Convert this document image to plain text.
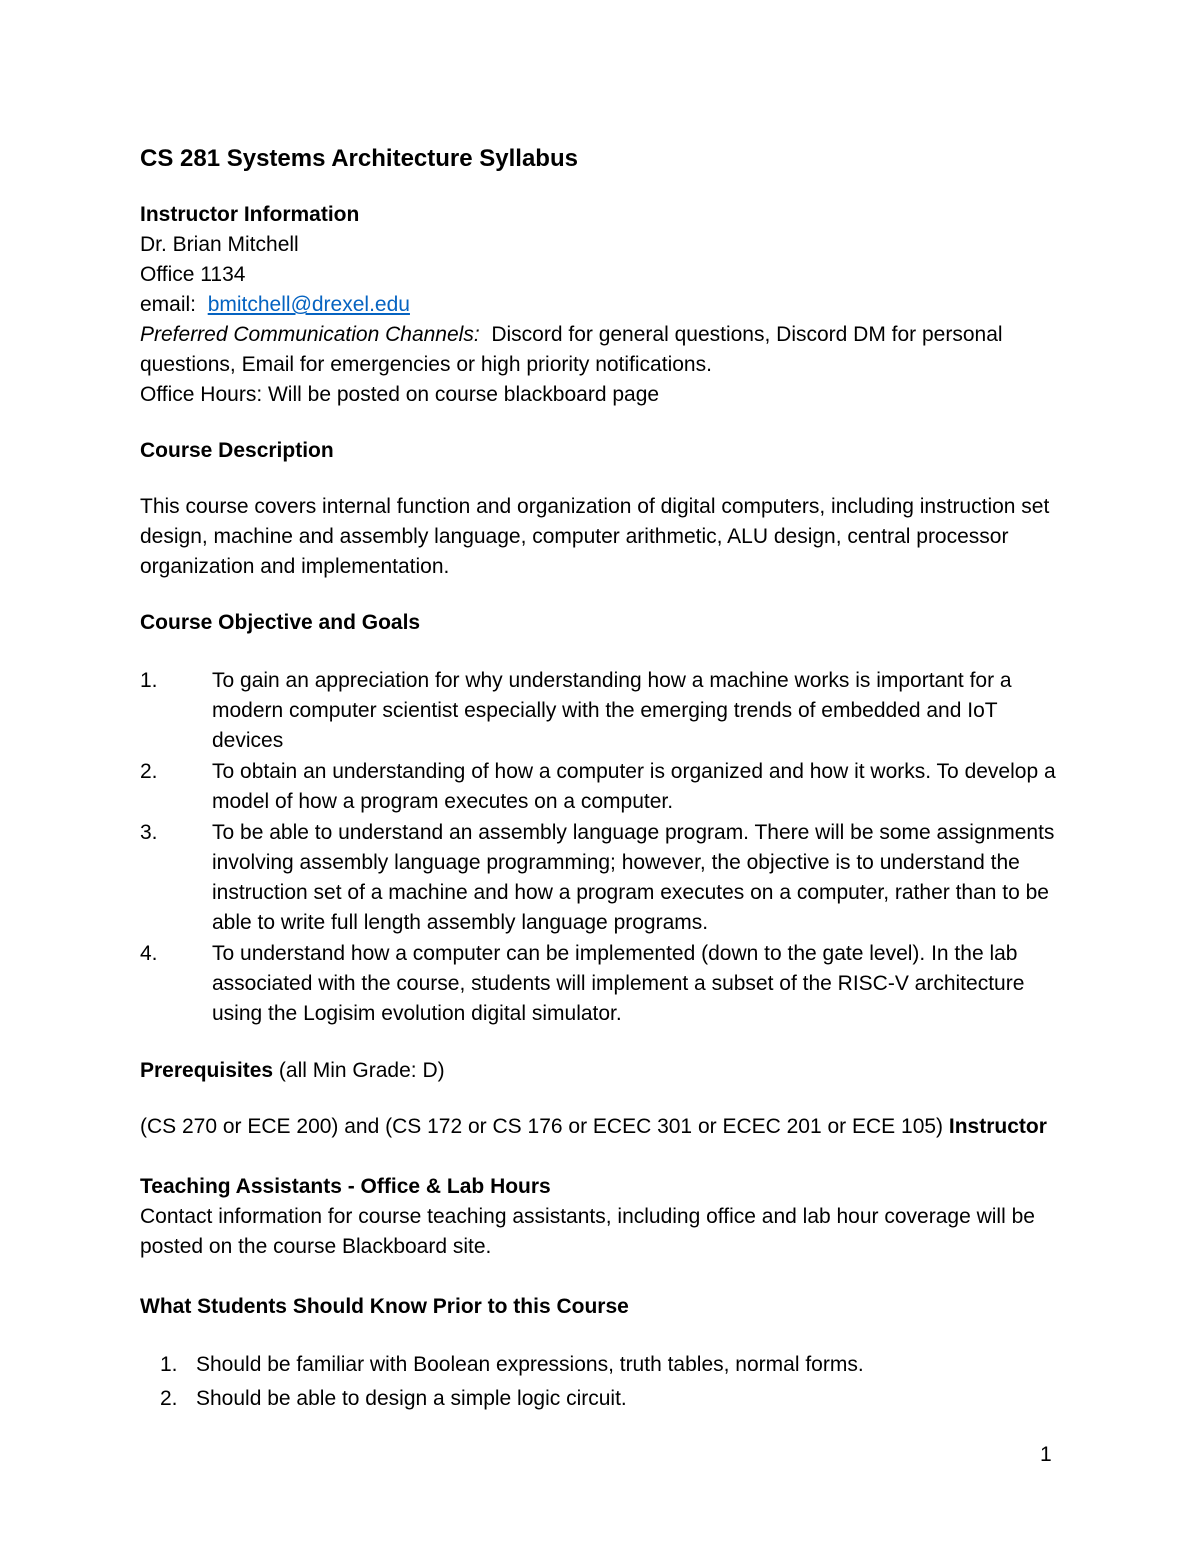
CS 281 Systems Architecture Syllabus
Instructor Information
Dr. Brian Mitchell
Office 1134
email: bmitchell@drexel.edu
Preferred Communication Channels: Discord for general questions, Discord DM for personal
questions, Email for emergencies or high priority notifications.
Office Hours: Will be posted on course blackboard page
Course Description
This course covers internal function and organization of digital computers, including instruction set design, machine and assembly language, computer arithmetic, ALU design, central processor organization and implementation.
Course Objective and Goals
1.	To gain an appreciation for why understanding how a machine works is important for a modern computer scientist especially with the emerging trends of embedded and IoT devices
2.	To obtain an understanding of how a computer is organized and how it works. To develop a model of how a program executes on a computer.
3.	To be able to understand an assembly language program. There will be some assignments involving assembly language programming; however, the objective is to understand the instruction set of a machine and how a program executes on a computer, rather than to be able to write full length assembly language programs.
4.	To understand how a computer can be implemented (down to the gate level). In the lab associated with the course, students will implement a subset of the RISC-V architecture using the Logisim evolution digital simulator.
Prerequisites (all Min Grade: D)
(CS 270 or ECE 200) and (CS 172 or CS 176 or ECEC 301 or ECEC 201 or ECE 105) Instructor
Teaching Assistants - Office & Lab Hours
Contact information for course teaching assistants, including office and lab hour coverage will be posted on the course Blackboard site.
What Students Should Know Prior to this Course
1. Should be familiar with Boolean expressions, truth tables, normal forms.
2. Should be able to design a simple logic circuit.
1
